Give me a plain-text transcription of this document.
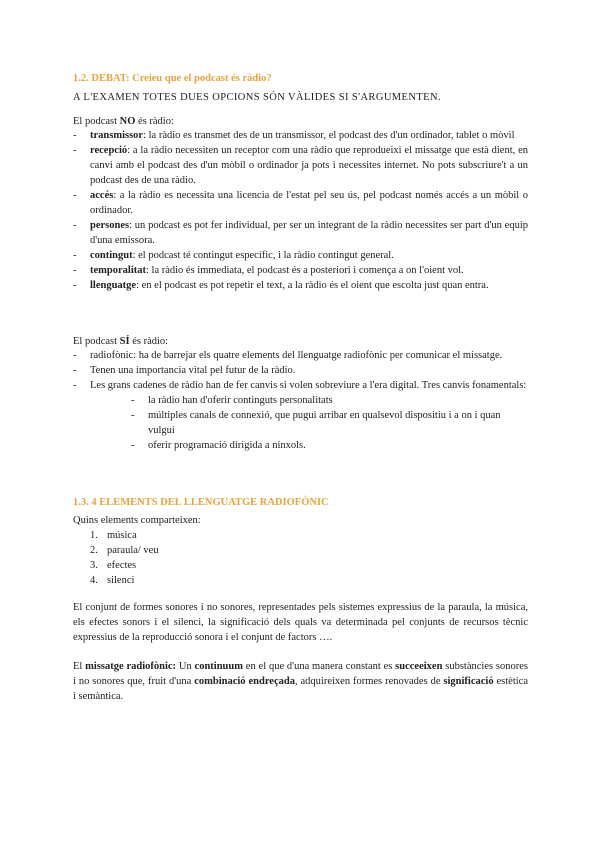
1.2. DEBAT: Creieu que el podcast és ràdio?
A L'EXAMEN TOTES DUES OPCIONS SÓN VÀLIDES SI S'ARGUMENTEN.
El podcast NO és ràdio:
- transmissor: la ràdio es transmet des de un transmissor, el podcast des d'un ordinador, tablet o mòvil
- recepció: a la ràdio necessiten un receptor com una ràdio que reprodueixi el missatge que està dient, en canvi amb el podcast des d'un mòbil o ordinador ja pots i necessites internet. No pots subscriure't a un podcast des de una ràdio.
- accés: a la ràdio es necessita una licencia de l'estat pel seu ús, pel podcast només accés a un mòbil o ordinador.
- persones: un podcast es pot fer individual, per ser un integrant de la ràdio necessites ser part d'un equip d'una emissora.
- contingut: el podcast té contingut específic, i la ràdio contingut general.
- temporalitat: la ràdio és immediata, el podcast és a posteriori i comença a on l'oient vol.
- llenguatge: en el podcast es pot repetir el text, a la ràdio és el oient que escolta just quan entra.
El podcast SÍ és ràdio:
- radiofònic: ha de barrejar els quatre elements del llenguatge radiofònic per comunicar el missatge.
- Tenen una importancia vital pel futur de la ràdio.
- Les grans cadenes de ràdio han de fer canvis si volen sobreviure a l'era digital. Tres canvis fonamentals:
- la ràdio han d'oferir continguts personalitats
- múltiples canals de connexió, que pugui arribar en qualsevol dispositiu i a on i quan vulgui
- oferir programació dirigida a nínxols.
1.3. 4 ELEMENTS DEL LLENGUATGE RADIOFÒNIC
Quins elements comparteixen:
1. música
2. paraula/ veu
3. efectes
4. silenci

El conjunt de formes sonores i no sonores, representades pels sistemes expressius de la paraula, la música, els efectes sonors i el silenci, la significació dels quals va determinada pel conjunts de recursos tècnic expressius de la reproducció sonora i el conjunt de factors ….

El missatge radiofònic: Un continuum en el que d'una manera constant es succeeixen substàncies sonores i no sonores que, fruit d'una combinació endreçada, adquireixen formes renovades de significació estètica i semàntica.
